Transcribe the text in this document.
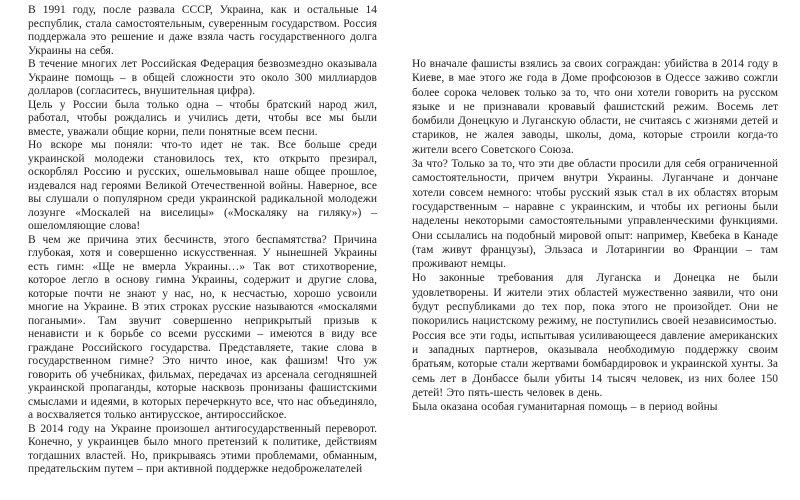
В 1991 году, после развала СССР, Украина, как и остальные 14 республик, стала самостоятельным, суверенным государством. Россия поддержала это решение и даже взяла часть государственного долга Украины на себя.

В течение многих лет Российская Федерация безвозмездно оказывала Украине помощь – в общей сложности это около 300 миллиардов долларов (согласитесь, внушительная цифра).

Цель у России была только одна – чтобы братский народ жил, работал, чтобы рождались и учились дети, чтобы все мы были вместе, уважали общие корни, пели понятные всем песни.

Но вскоре мы поняли: что-то идет не так. Все больше среди украинской молодежи становилось тех, кто открыто презирал, оскорблял Россию и русских, ошельмовывал наше общее прошлое, издевался над героями Великой Отечественной войны. Наверное, все вы слушали о популярном среди украинской радикальной молодежи лозунге «Москалей на виселицы» («Москаляку на гиляку») – ошеломляющие слова!

В чем же причина этих бесчинств, этого беспамятства? Причина глубокая, хотя и совершенно искусственная. У нынешней Украины есть гимн: «Ще не вмерла Украины…» Так вот стихотворение, которое легло в основу гимна Украины, содержит и другие слова, которые почти не знают у нас, но, к несчастью, хорошо усвоили многие на Украине. В этих строках русские называются «москалями погаными». Там звучит совершенно неприкрытый призыв к ненависти и к борьбе со всеми русскими – имеются в виду все граждане Российского государства. Представляете, такие слова в государственном гимне? Это ничто иное, как фашизм! Что уж говорить об учебниках, фильмах, передачах из арсенала сегодняшней украинской пропаганды, которые насквозь пронизаны фашистскими смыслами и идеями, в которых перечеркнуто все, что нас объединяло, а восхваляется только антирусское, антироссийское.

В 2014 году на Украине произошел антигосударственный переворот. Конечно, у украинцев было много претензий к политике, действиям тогдашних властей. Но, прикрываясь этими проблемами, обманным, предательским путем – при активной поддержке недоброжелателей

Но вначале фашисты взялись за своих сограждан: убийства в 2014 году в Киеве, в мае этого же года в Доме профсоюзов в Одессе заживо сожгли более сорока человек только за то, что они хотели говорить на русском языке и не признавали кровавый фашистский режим. Восемь лет бомбили Донецкую и Луганскую области, не считаясь с жизнями детей и стариков, не жалея заводы, школы, дома, которые строили когда-то жители всего Советского Союза.

За что? Только за то, что эти две области просили для себя ограниченной самостоятельности, причем внутри Украины. Луганчане и дончане хотели совсем немного: чтобы русский язык стал в их областях вторым государственным – наравне с украинским, и чтобы их регионы были наделены некоторыми самостоятельными управленческими функциями. Они ссылались на подобный мировой опыт: например, Квебека в Канаде (там живут французы), Эльзаса и Лотарингии во Франции – там проживают немцы.

Но законные требования для Луганска и Донецка не были удовлетворены. И жители этих областей мужественно заявили, что они будут республиками до тех пор, пока этого не произойдет. Они не покорились нацистскому режиму, не поступились своей независимостью.

Россия все эти годы, испытывая усиливающееся давление американских и западных партнеров, оказывала необходимую поддержку своим братьям, которые стали жертвами бомбардировок и украинской хунты. За семь лет в Донбассе были убиты 14 тысяч человек, из них более 150 детей! Это пять-шесть человек в день.

Была оказана особая гуманитарная помощь – в период войны
